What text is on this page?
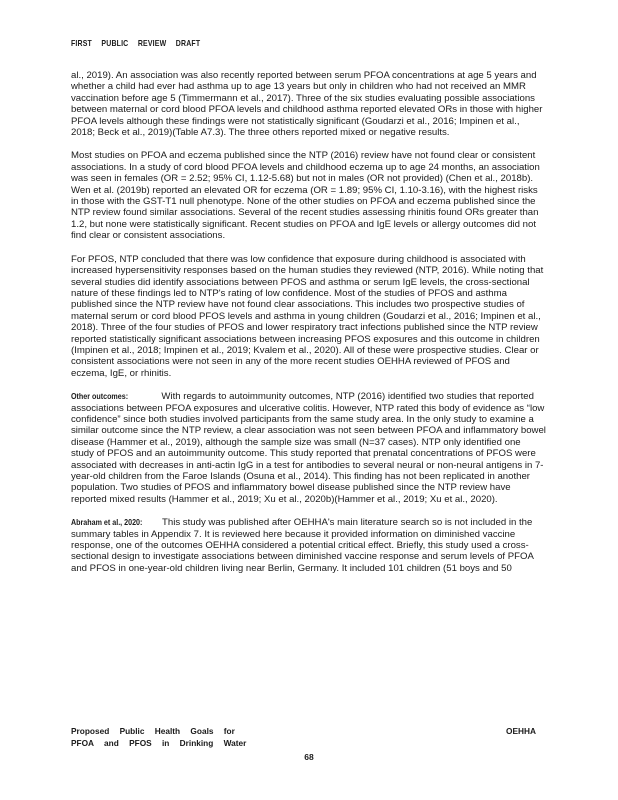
FIRST PUBLIC REVIEW DRAFT

al., 2019). An association was also recently reported between serum PFOA concentrations at age 5 years and whether a child had ever had asthma up to age 13 years but only in children who had not received an MMR vaccination before age 5 (Timmermann et al., 2017). Three of the six studies evaluating possible associations between maternal or cord blood PFOA levels and childhood asthma reported elevated ORs in those with higher PFOA levels although these findings were not statistically significant (Goudarzi et al., 2016; Impinen et al., 2018; Beck et al., 2019)(Table A7.3). The three others reported mixed or negative results.

Most studies on PFOA and eczema published since the NTP (2016) review have not found clear or consistent associations. In a study of cord blood PFOA levels and childhood eczema up to age 24 months, an association was seen in females (OR = 2.52; 95% CI, 1.12-5.68) but not in males (OR not provided) (Chen et al., 2018b). Wen et al. (2019b) reported an elevated OR for eczema (OR = 1.89; 95% CI, 1.10-3.16), with the highest risks in those with the GST-T1 null phenotype. None of the other studies on PFOA and eczema published since the NTP review found similar associations. Several of the recent studies assessing rhinitis found ORs greater than 1.2, but none were statistically significant. Recent studies on PFOA and IgE levels or allergy outcomes did not find clear or consistent associations.

For PFOS, NTP concluded that there was low confidence that exposure during childhood is associated with increased hypersensitivity responses based on the human studies they reviewed (NTP, 2016). While noting that several studies did identify associations between PFOS and asthma or serum IgE levels, the cross-sectional nature of these findings led to NTP's rating of low confidence. Most of the studies of PFOS and asthma published since the NTP review have not found clear associations. This includes two prospective studies of maternal serum or cord blood PFOS levels and asthma in young children (Goudarzi et al., 2016; Impinen et al., 2018). Three of the four studies of PFOS and lower respiratory tract infections published since the NTP review reported statistically significant associations between increasing PFOS exposures and this outcome in children (Impinen et al., 2018; Impinen et al., 2019; Kvalem et al., 2020). All of these were prospective studies. Clear or consistent associations were not seen in any of the more recent studies OEHHA reviewed of PFOS and eczema, IgE, or rhinitis.

Other outcomes:	With regards to autoimmunity outcomes, NTP (2016) identified two studies that reported associations between PFOA exposures and ulcerative colitis. However, NTP rated this body of evidence as “low confidence” since both studies involved participants from the same study area. In the only study to examine a similar outcome since the NTP review, a clear association was not seen between PFOA and inflammatory bowel disease (Hammer et al., 2019), although the sample size was small (N=37 cases). NTP only identified one study of PFOS and an autoimmunity outcome. This study reported that prenatal concentrations of PFOS were associated with decreases in anti-actin IgG in a test for antibodies to several neural or non-neural antigens in 7-year-old children from the Faroe Islands (Osuna et al., 2014). This finding has not been replicated in another population. Two studies of PFOS and inflammatory bowel disease published since the NTP review have reported mixed results (Hammer et al., 2019; Xu et al., 2020b)(Hammer et al., 2019; Xu et al., 2020).

Abraham et al., 2020: This study was published after OEHHA's main literature search so is not included in the summary tables in Appendix 7. It is reviewed here because it provided information on diminished vaccine response, one of the outcomes OEHHA considered a potential critical effect. Briefly, this study used a cross-sectional design to investigate associations between diminished vaccine response and serum levels of PFOA and PFOS in one-year-old children living near Berlin, Germany. It included 101 children (51 boys and 50

Proposed Public Health Goals for
PFOA and PFOS in Drinking Water
OEHHA
68
